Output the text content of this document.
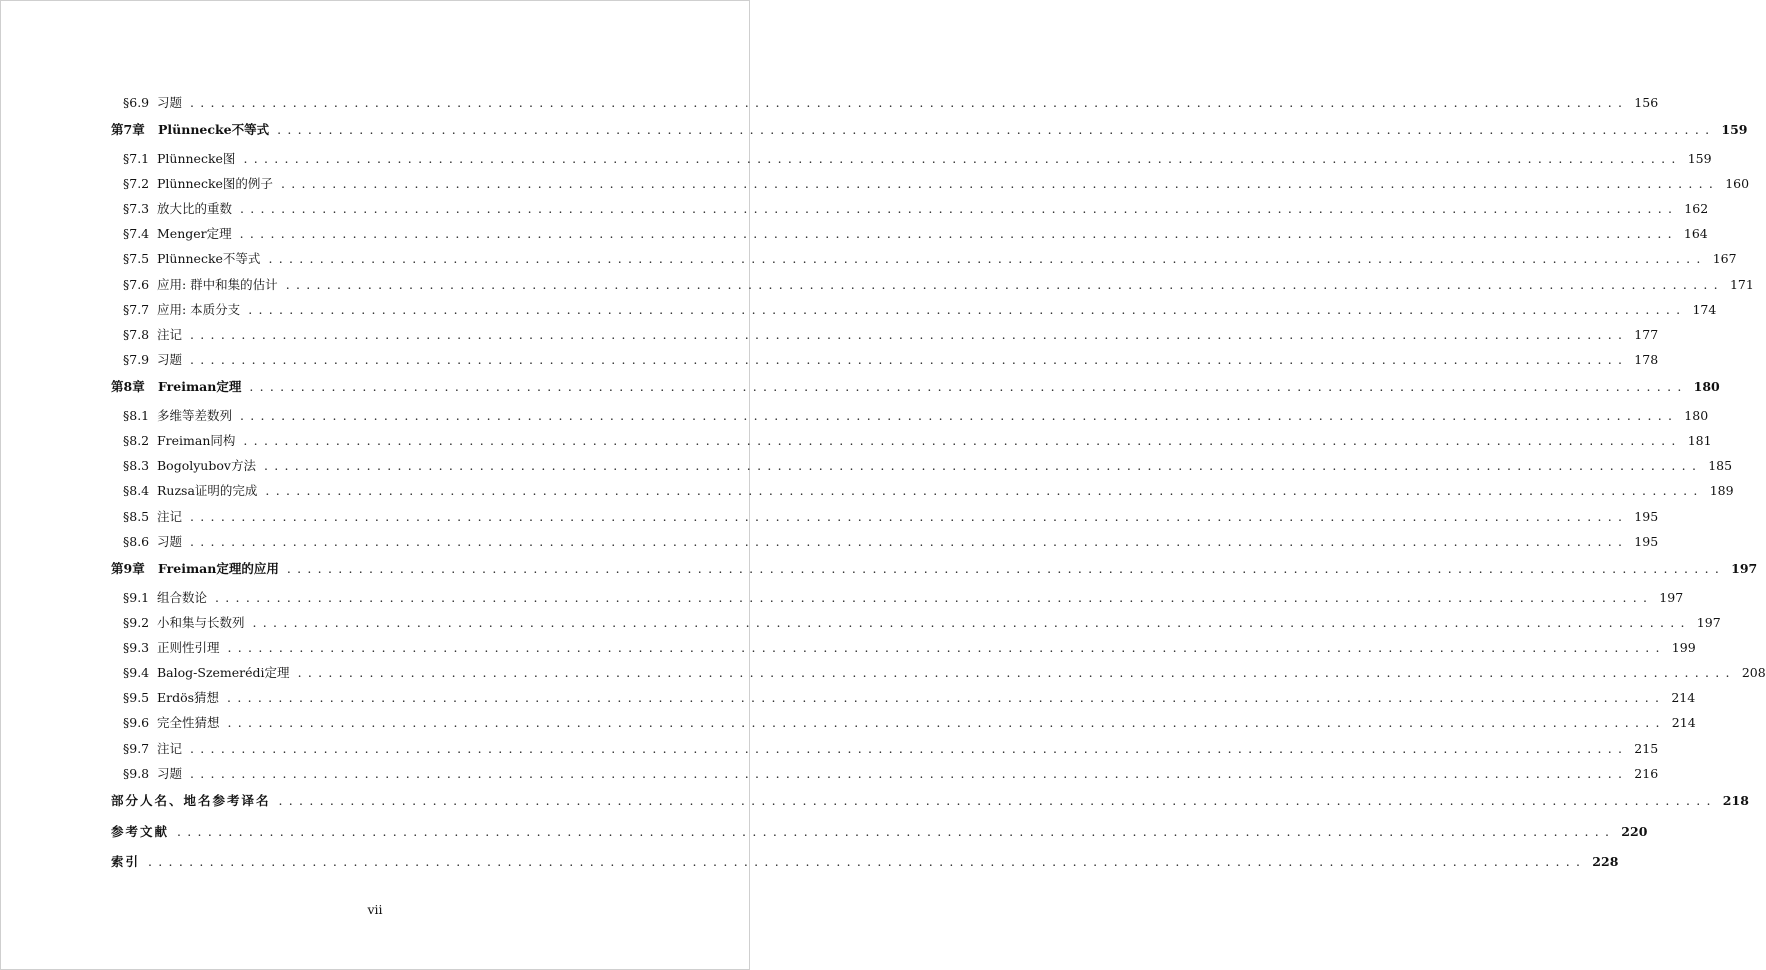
§6.9 习题 ............................................................................................................................................ 156
第7章	Plünnecke不等式 ............................................................................................................................................ 159
§7.1 Plünnecke图 ............................................................................................................................................ 159
§7.2 Plünnecke图的例子 ............................................................................................................................................ 160
§7.3 放大比的重数 ............................................................................................................................................ 162
§7.4 Menger定理 ............................................................................................................................................ 164
§7.5 Plünnecke不等式 ............................................................................................................................................ 167
§7.6 应用: 群中和集的估计 ............................................................................................................................................ 171
§7.7 应用: 本质分支 ............................................................................................................................................ 174
§7.8 注记 ............................................................................................................................................ 177
§7.9 习题 ............................................................................................................................................ 178
第8章	Freiman定理 ............................................................................................................................................ 180
§8.1 多维等差数列 ............................................................................................................................................ 180
§8.2 Freiman同构 ............................................................................................................................................ 181
§8.3 Bogolyubov方法 ............................................................................................................................................ 185
§8.4 Ruzsa证明的完成 ............................................................................................................................................ 189
§8.5 注记 ............................................................................................................................................ 195
§8.6 习题 ............................................................................................................................................ 195
第9章	Freiman定理的应用 ............................................................................................................................................ 197
§9.1 组合数论 ............................................................................................................................................ 197
§9.2 小和集与长数列 ............................................................................................................................................ 197
§9.3 正则性引理 ............................................................................................................................................ 199
§9.4 Balog-Szemerédi定理 ............................................................................................................................................ 208
§9.5 Erdös猜想 ............................................................................................................................................ 214
§9.6 完全性猜想 ............................................................................................................................................ 214
§9.7 注记 ............................................................................................................................................ 215
§9.8 习题 ............................................................................................................................................ 216
部分人名、地名参考译名 ............................................................................................................................................ 218
参考文献 ............................................................................................................................................ 220
索引 ............................................................................................................................................ 228
vii
